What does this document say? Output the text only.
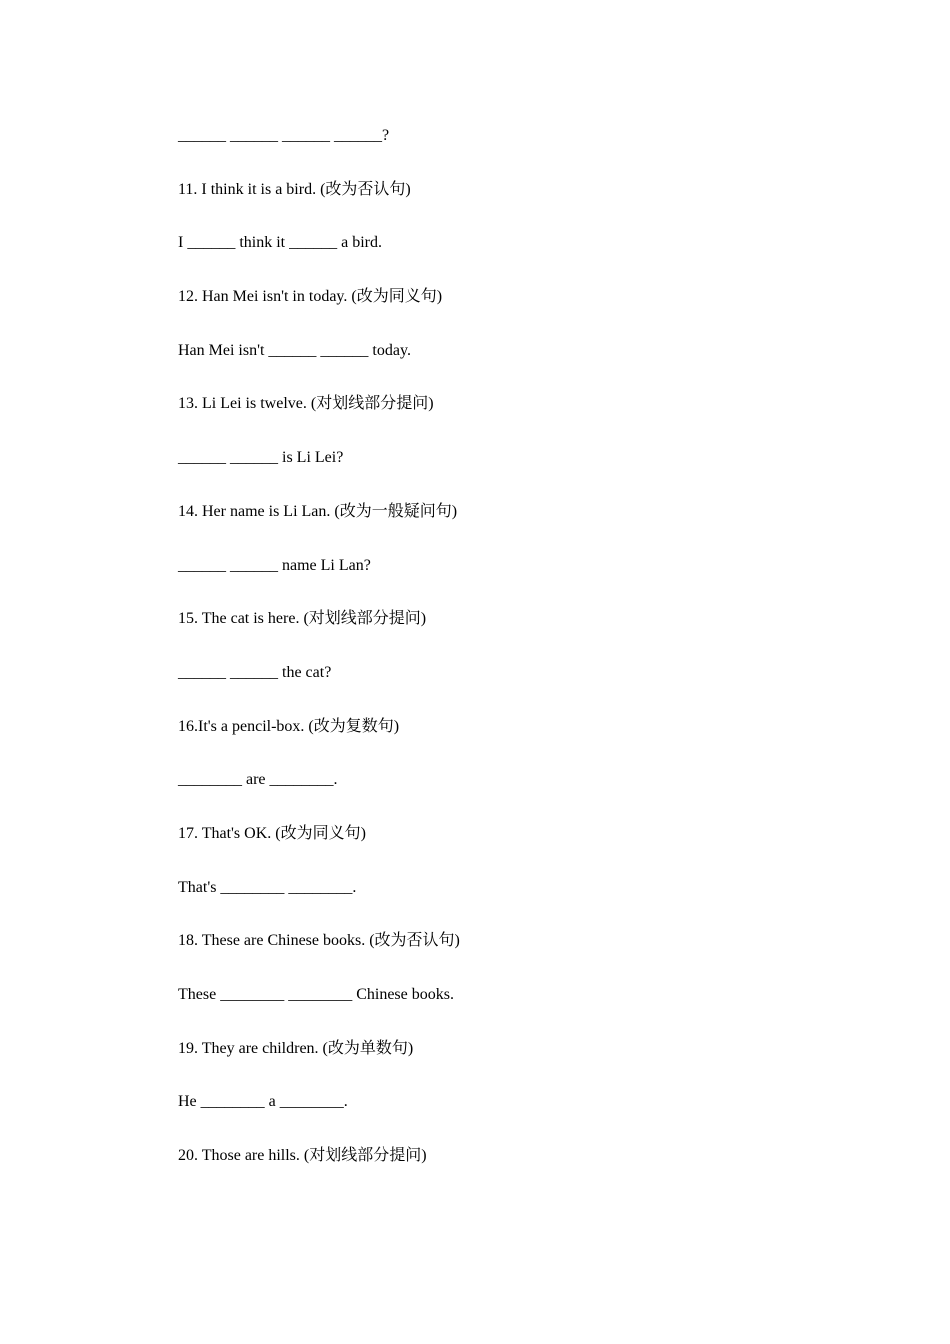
______ ______ ______ ______?
11. I think it is a bird. (改为否认句)
I ______ think it ______ a bird.
12. Han Mei isn't in today. (改为同义句)
Han Mei isn't ______ ______ today.
13. Li Lei is twelve. (对划线部分提问)
______ ______ is Li Lei?
14. Her name is Li Lan. (改为一般疑问句)
______ ______ name Li Lan?
15. The cat is here. (对划线部分提问)
______ ______ the cat?
16.It's a pencil-box. (改为复数句)
________ are ________.
17. That's OK. (改为同义句)
That's ________ ________.
18. These are Chinese books. (改为否认句)
These ________ ________ Chinese books.
19. They are children. (改为单数句)
He ________ a ________.
20. Those are hills. (对划线部分提问)
